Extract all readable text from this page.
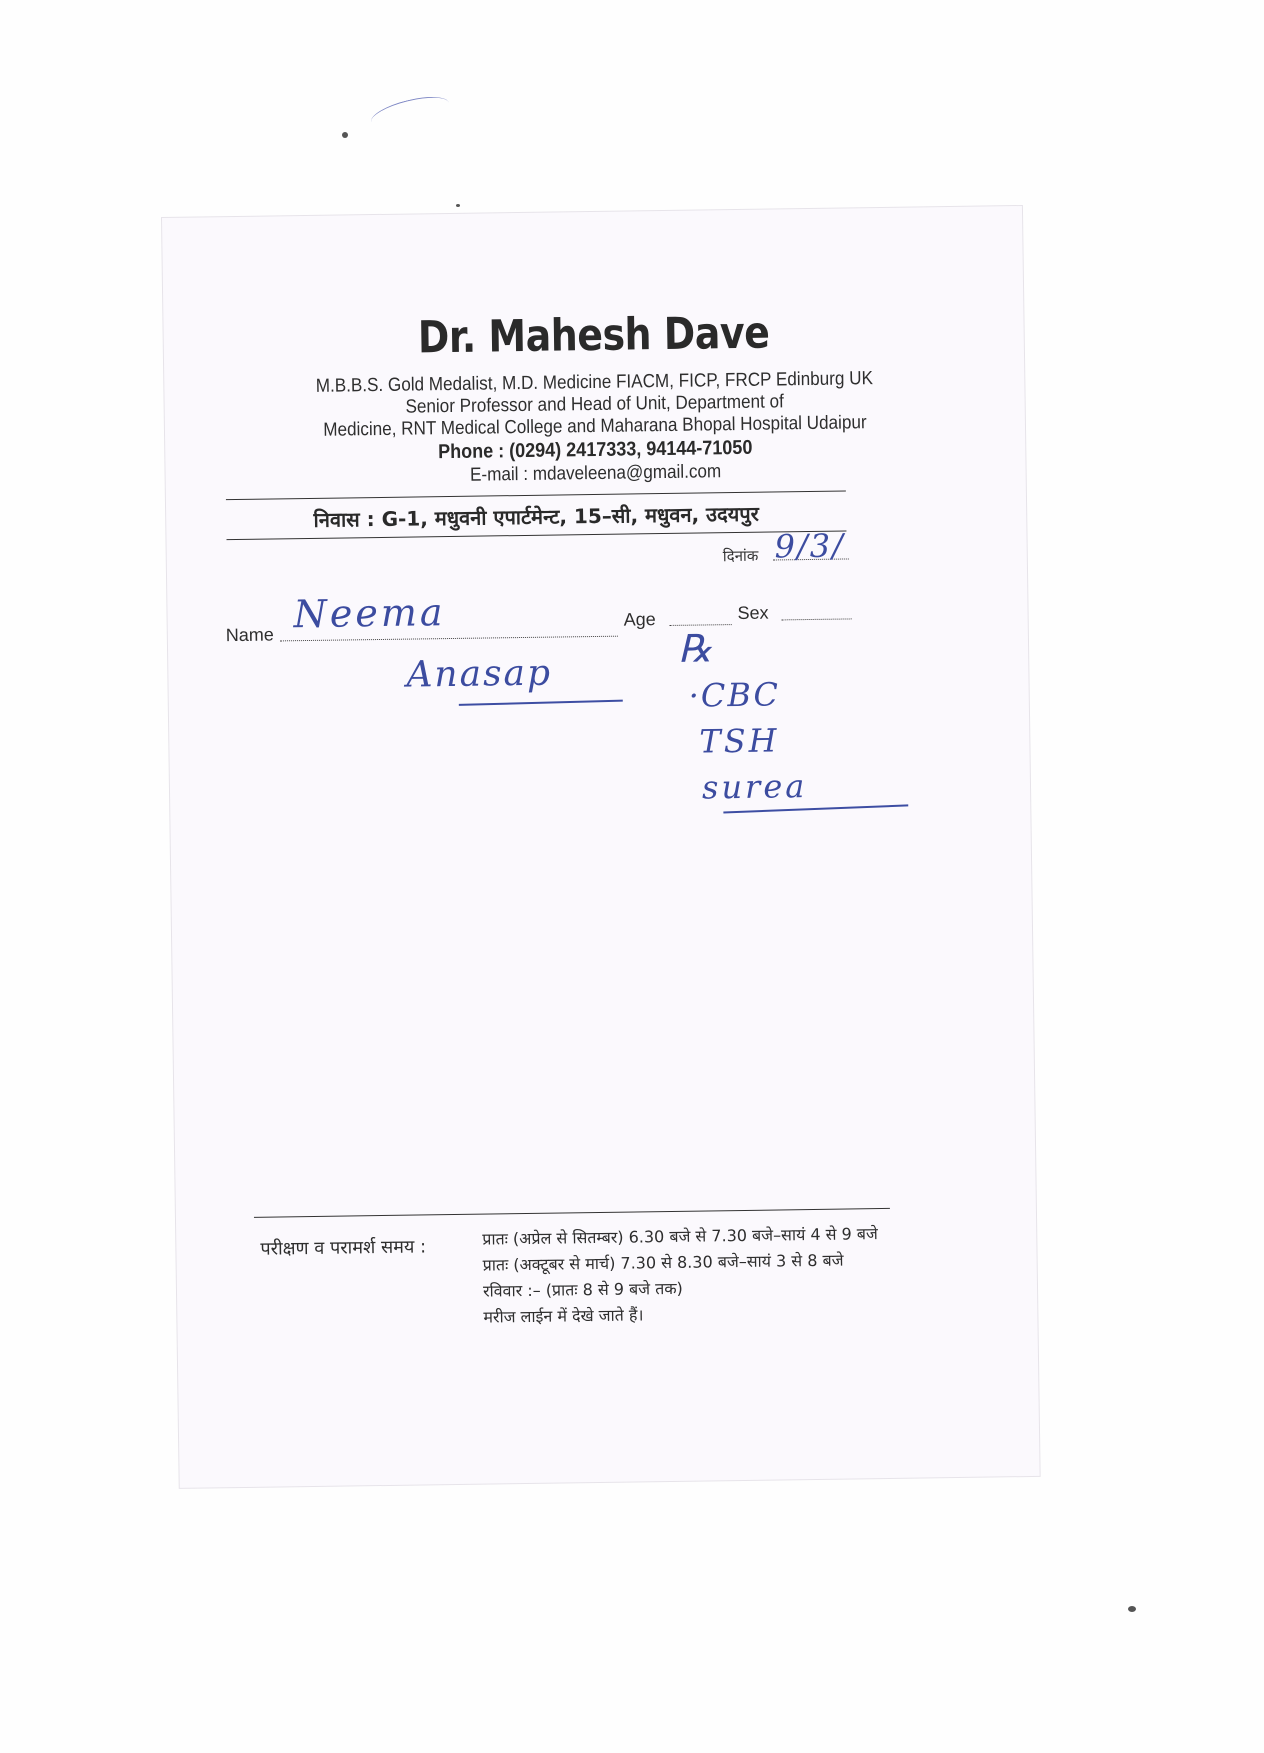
Dr. Mahesh Dave
M.B.B.S. Gold Medalist, M.D. Medicine FIACM, FICP, FRCP Edinburg UK
Senior Professor and Head of Unit, Department of
Medicine, RNT Medical College and Maharana Bhopal Hospital Udaipur
Phone : (0294) 2417333, 94144-71050
E-mail : mdaveleena@gmail.com
निवास : G-1, मधुवनी एपार्टमेन्ट, 15–सी, मधुवन, उदयपुर
दिनांक 9/3/
Name
Age	Sex
Neema
Anasap
℞
·CBC
TSH
surea
परीक्षण व परामर्श समय :	प्रातः (अप्रेल से सितम्बर) 6.30 बजे से 7.30 बजे–सायं 4 से 9 बजे
प्रातः (अक्टूबर से मार्च) 7.30 से 8.30 बजे–सायं 3 से 8 बजे
रविवार :– (प्रातः 8 से 9 बजे तक)
मरीज लाईन में देखे जाते हैं।
